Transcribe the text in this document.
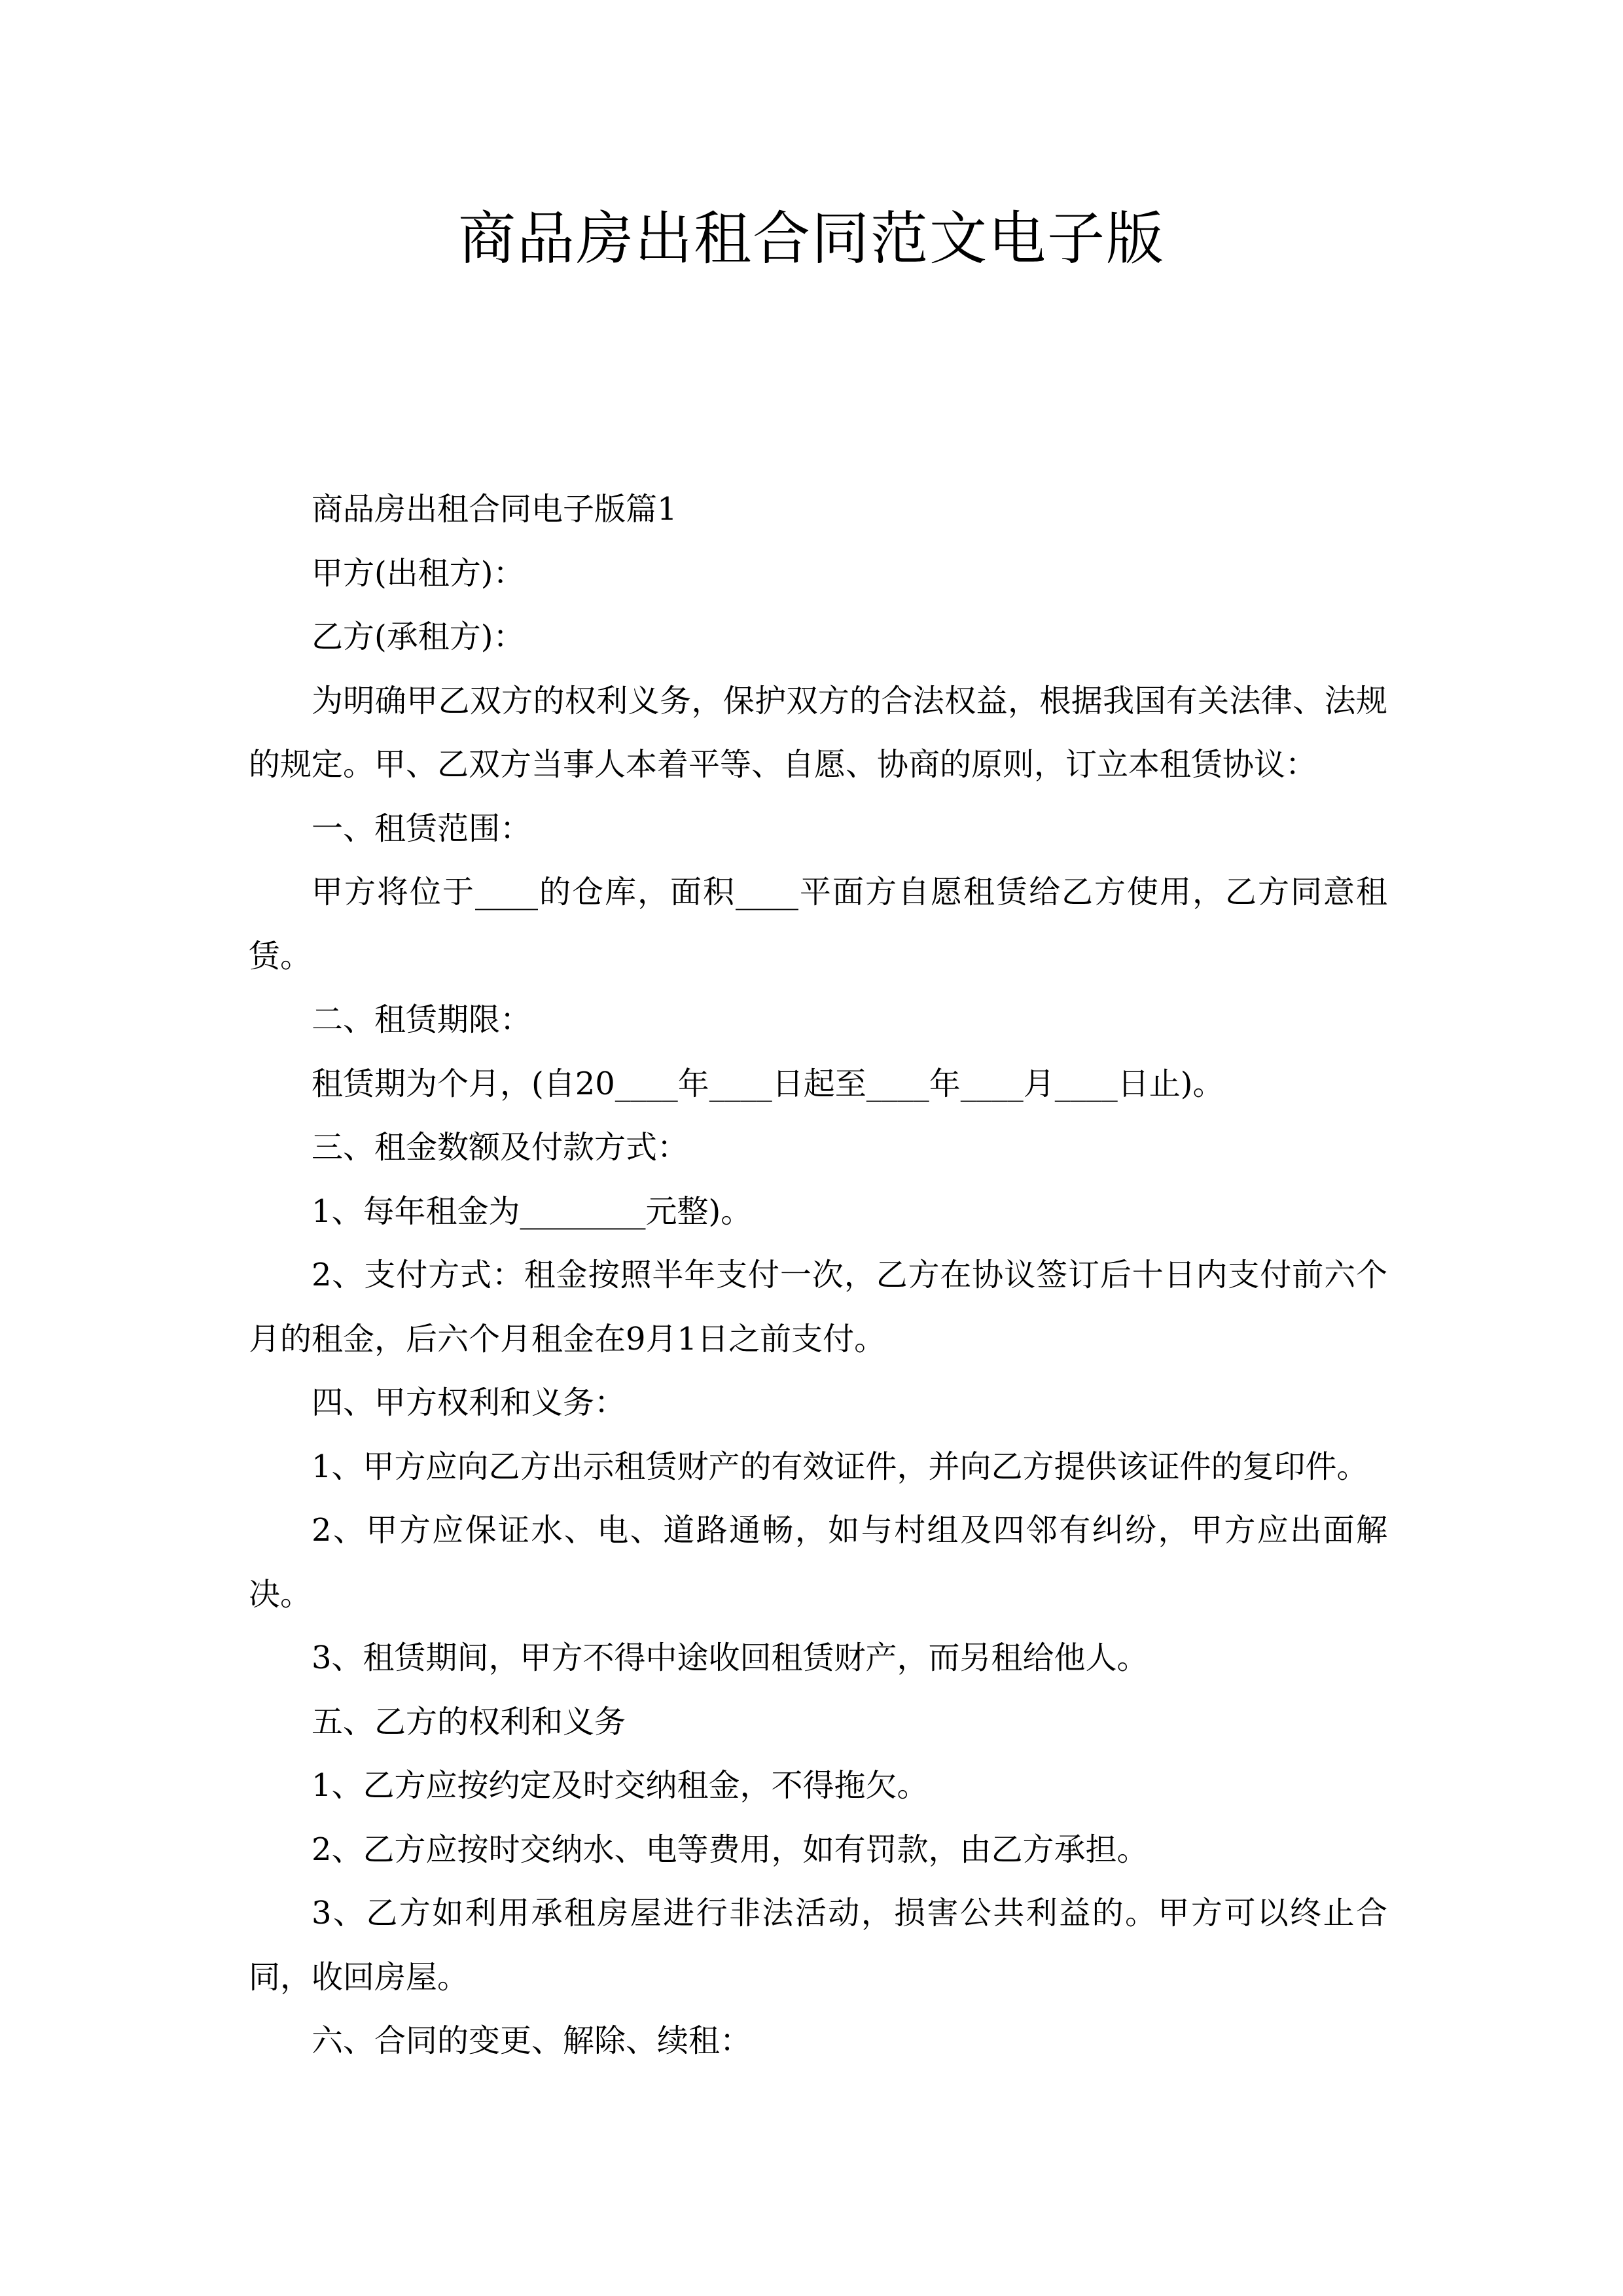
商品房出租合同范文电子版

商品房出租合同电子版篇1

甲方(出租方)：

乙方(承租方)：

为明确甲乙双方的权利义务，保护双方的合法权益，根据我国有关法律、法规的规定。甲、乙双方当事人本着平等、自愿、协商的原则，订立本租赁协议：

一、租赁范围：

甲方将位于____的仓库，面积____平面方自愿租赁给乙方使用，乙方同意租赁。

二、租赁期限：

租赁期为个月，(自20____年____日起至____年____月____日止)。

三、租金数额及付款方式：

1、每年租金为________元整)。

2、支付方式：租金按照半年支付一次，乙方在协议签订后十日内支付前六个月的租金，后六个月租金在9月1日之前支付。

四、甲方权利和义务：

1、甲方应向乙方出示租赁财产的有效证件，并向乙方提供该证件的复印件。

2、甲方应保证水、电、道路通畅，如与村组及四邻有纠纷，甲方应出面解决。

3、租赁期间，甲方不得中途收回租赁财产，而另租给他人。

五、乙方的权利和义务

1、乙方应按约定及时交纳租金，不得拖欠。

2、乙方应按时交纳水、电等费用，如有罚款，由乙方承担。

3、乙方如利用承租房屋进行非法活动，损害公共利益的。甲方可以终止合同，收回房屋。

六、合同的变更、解除、续租：
